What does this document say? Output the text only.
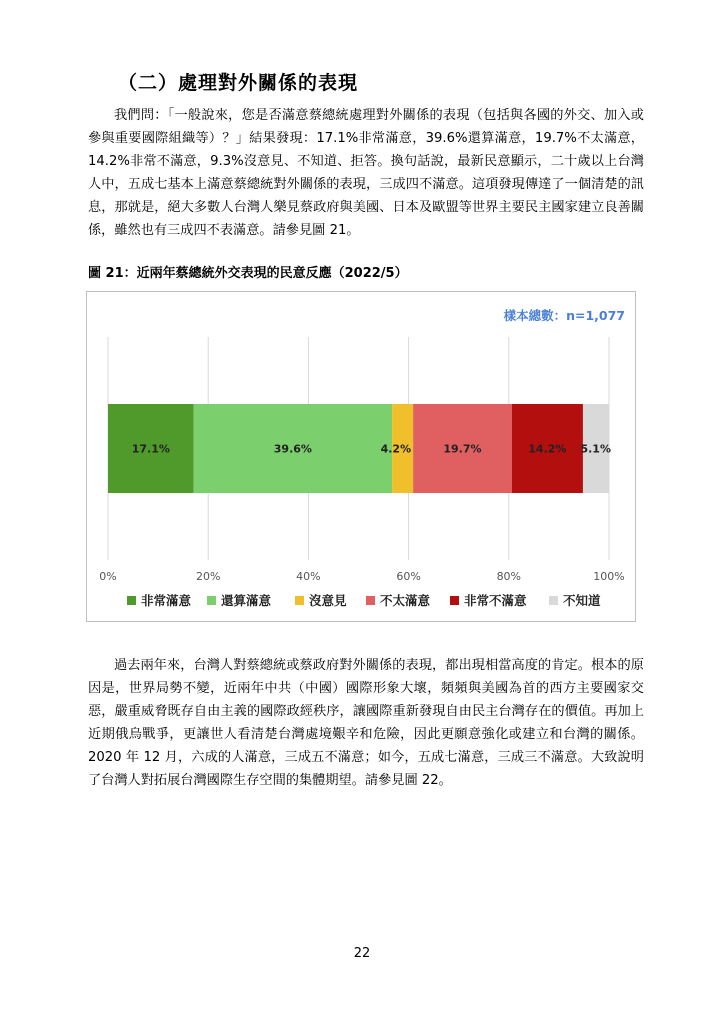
（二）處理對外關係的表現

我們問：「一般說來，您是否滿意蔡總統處理對外關係的表現（包括與各國的外交、加入或參與重要國際組織等）？」結果發現：17.1%非常滿意，39.6%還算滿意，19.7%不太滿意，14.2%非常不滿意，9.3%沒意見、不知道、拒答。換句話說，最新民意顯示，二十歲以上台灣人中，五成七基本上滿意蔡總統對外關係的表現，三成四不滿意。這項發現傳達了一個清楚的訊息，那就是，絕大多數人台灣人樂見蔡政府與美國、日本及歐盟等世界主要民主國家建立良善關係，雖然也有三成四不表滿意。請參見圖 21。

圖 21：近兩年蔡總統外交表現的民意反應（2022/5）
0%	20%	40%	60%	80%	100%
樣本總數：n=1,077
17.1%	39.6%	4.2%	19.7%	14.2% 5.1%
非常滿意 還算滿意	沒意見	不太滿意	非常不滿意	不知道

過去兩年來，台灣人對蔡總統或蔡政府對外關係的表現，都出現相當高度的肯定。根本的原因是，世界局勢不變，近兩年中共（中國）國際形象大壞，頻頻與美國為首的西方主要國家交惡，嚴重威脅既存自由主義的國際政經秩序，讓國際重新發現自由民主台灣存在的價值。再加上近期俄烏戰爭，更讓世人看清楚台灣處境艱辛和危險，因此更願意強化或建立和台灣的關係。2020 年 12 月，六成的人滿意，三成五不滿意；如今，五成七滿意，三成三不滿意。大致說明了台灣人對拓展台灣國際生存空間的集體期望。請參見圖 22。

22
